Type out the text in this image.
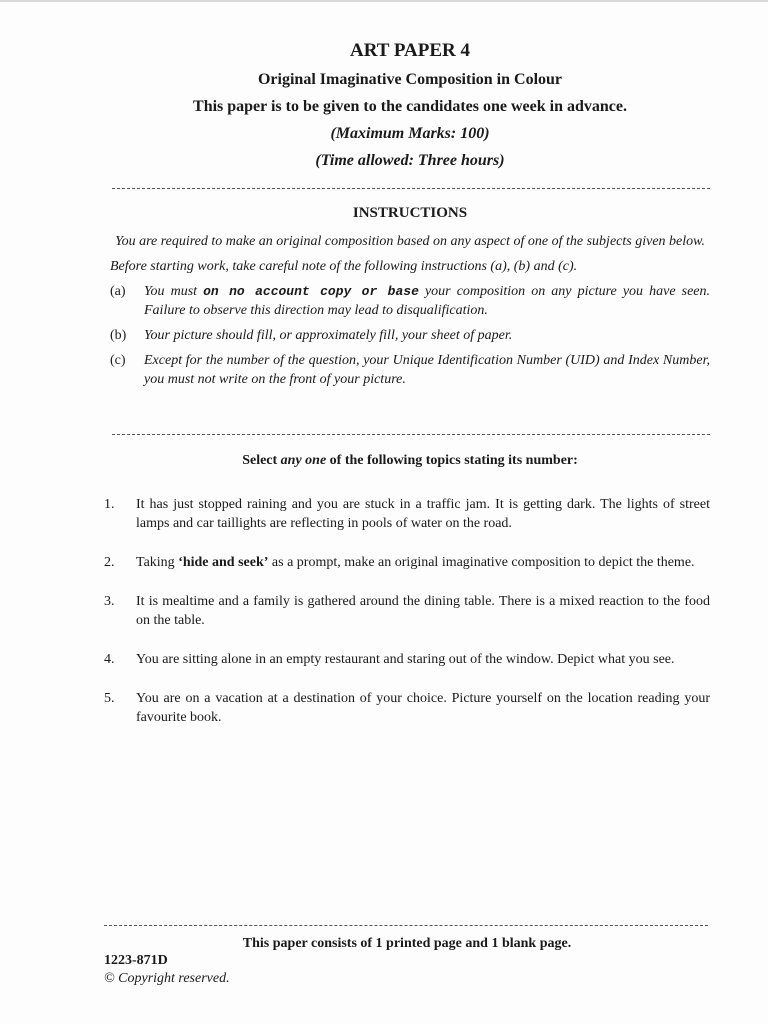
ART PAPER 4
Original Imaginative Composition in Colour
This paper is to be given to the candidates one week in advance.
(Maximum Marks: 100)
(Time allowed: Three hours)
INSTRUCTIONS
You are required to make an original composition based on any aspect of one of the subjects given below.
Before starting work, take careful note of the following instructions (a), (b) and (c).
(a)	You must on no account copy or base your composition on any picture you have seen. Failure to observe this direction may lead to disqualification.
(b)	Your picture should fill, or approximately fill, your sheet of paper.
(c)	Except for the number of the question, your Unique Identification Number (UID) and Index Number, you must not write on the front of your picture.
Select any one of the following topics stating its number:
1.	It has just stopped raining and you are stuck in a traffic jam. It is getting dark. The lights of street lamps and car taillights are reflecting in pools of water on the road.
2.	Taking ‘hide and seek’ as a prompt, make an original imaginative composition to depict the theme.
3.	It is mealtime and a family is gathered around the dining table. There is a mixed reaction to the food on the table.
4.	You are sitting alone in an empty restaurant and staring out of the window. Depict what you see.
5.	You are on a vacation at a destination of your choice. Picture yourself on the location reading your favourite book.
This paper consists of 1 printed page and 1 blank page.
1223-871D
© Copyright reserved.
